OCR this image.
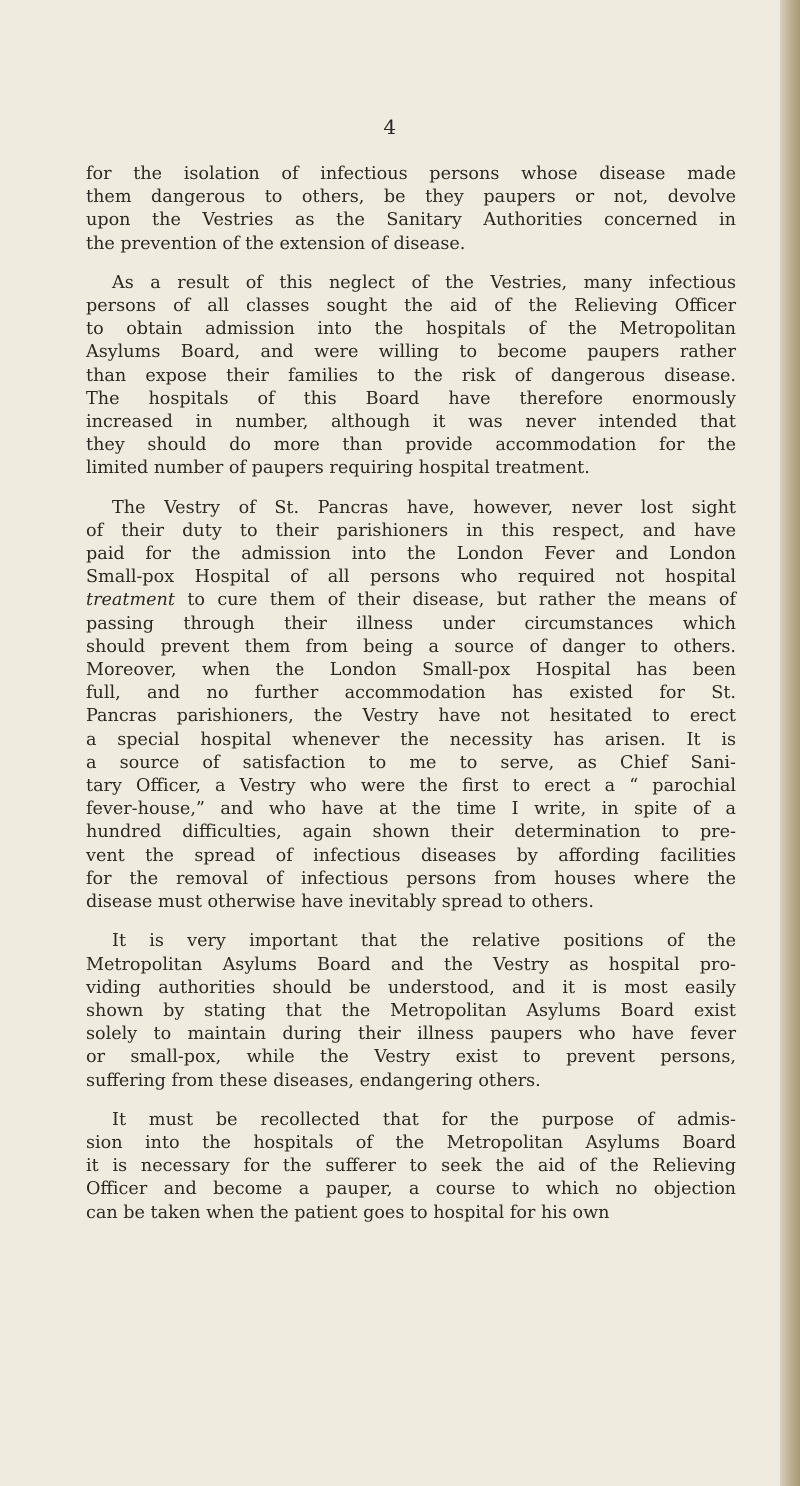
4
for the isolation of infectious persons whose disease made
them dangerous to others, be they paupers or not, devolve
upon the Vestries as the Sanitary Authorities concerned in
the prevention of the extension of disease.
As a result of this neglect of the Vestries, many infectious
persons of all classes sought the aid of the Relieving Officer
to obtain admission into the hospitals of the Metropolitan
Asylums Board, and were willing to become paupers rather
than expose their families to the risk of dangerous disease.
The hospitals of this Board have therefore enormously
increased in number, although it was never intended that
they should do more than provide accommodation for the
limited number of paupers requiring hospital treatment.
The Vestry of St. Pancras have, however, never lost sight
of their duty to their parishioners in this respect, and have
paid for the admission into the London Fever and London
Small-pox Hospital of all persons who required not hospital
treatment to cure them of their disease, but rather the means of
passing through their illness under circumstances which
should prevent them from being a source of danger to others.
Moreover, when the London Small-pox Hospital has been
full, and no further accommodation has existed for St.
Pancras parishioners, the Vestry have not hesitated to erect
a special hospital whenever the necessity has arisen. It is
a source of satisfaction to me to serve, as Chief Sani-
tary Officer, a Vestry who were the first to erect a “ parochial
fever-house,” and who have at the time I write, in spite of a
hundred difficulties, again shown their determination to pre-
vent the spread of infectious diseases by affording facilities
for the removal of infectious persons from houses where the
disease must otherwise have inevitably spread to others.
It is very important that the relative positions of the
Metropolitan Asylums Board and the Vestry as hospital pro-
viding authorities should be understood, and it is most easily
shown by stating that the Metropolitan Asylums Board exist
solely to maintain during their illness paupers who have fever
or small-pox, while the Vestry exist to prevent persons,
suffering from these diseases, endangering others.
It must be recollected that for the purpose of admis-
sion into the hospitals of the Metropolitan Asylums Board
it is necessary for the sufferer to seek the aid of the Relieving
Officer and become a pauper, a course to which no objection
can be taken when the patient goes to hospital for his own
